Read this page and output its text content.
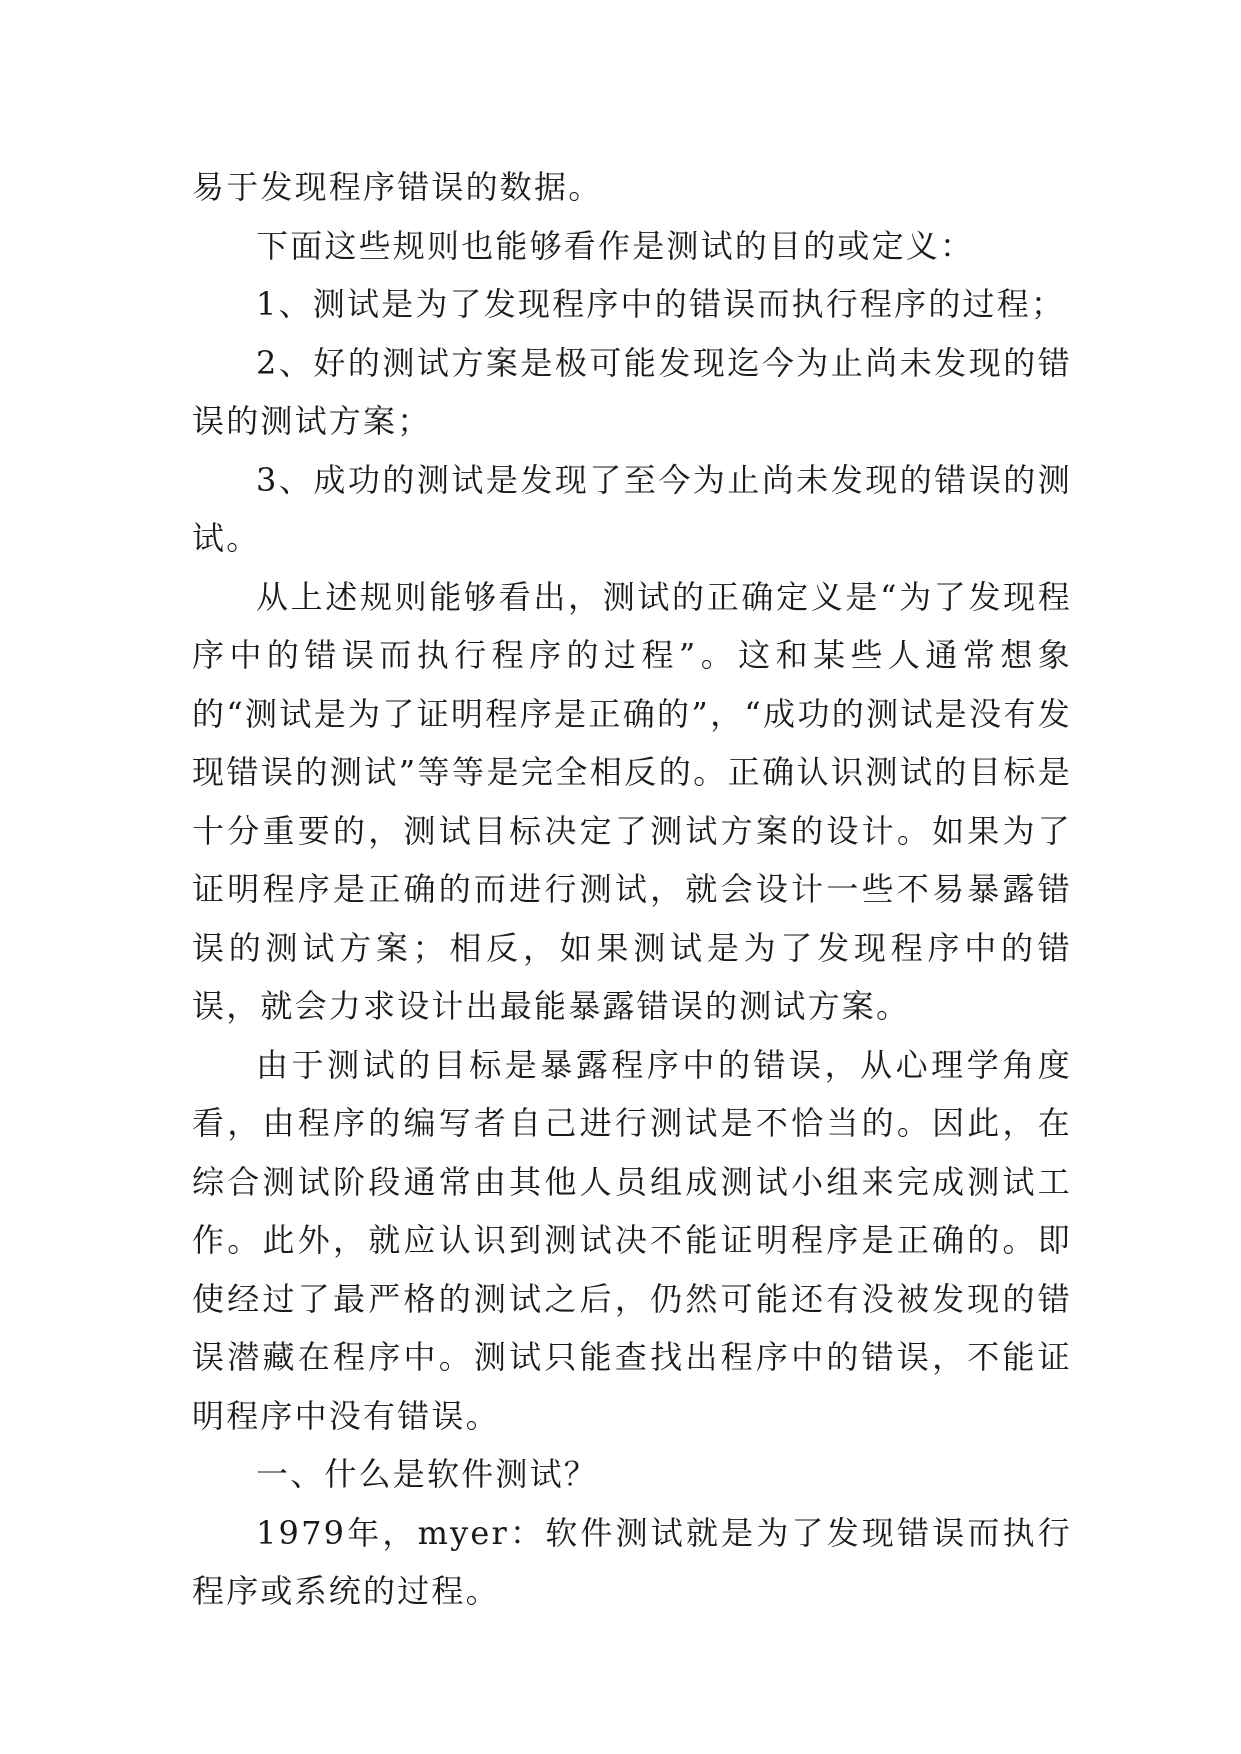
易于发现程序错误的数据。

下面这些规则也能够看作是测试的目的或定义：

1、测试是为了发现程序中的错误而执行程序的过程；

2、好的测试方案是极可能发现迄今为止尚未发现的错误的测试方案；

3、成功的测试是发现了至今为止尚未发现的错误的测试。

从上述规则能够看出，测试的正确定义是“为了发现程序中的错误而执行程序的过程”。这和某些人通常想象的“测试是为了证明程序是正确的”，“成功的测试是没有发现错误的测试”等等是完全相反的。正确认识测试的目标是十分重要的，测试目标决定了测试方案的设计。如果为了证明程序是正确的而进行测试，就会设计一些不易暴露错误的测试方案；相反，如果测试是为了发现程序中的错误，就会力求设计出最能暴露错误的测试方案。

由于测试的目标是暴露程序中的错误，从心理学角度看，由程序的编写者自己进行测试是不恰当的。因此，在综合测试阶段通常由其他人员组成测试小组来完成测试工作。此外，就应认识到测试决不能证明程序是正确的。即使经过了最严格的测试之后，仍然可能还有没被发现的错误潜藏在程序中。测试只能查找出程序中的错误，不能证明程序中没有错误。

一、什么是软件测试？

1979年，myer：软件测试就是为了发现错误而执行程序或系统的过程。
